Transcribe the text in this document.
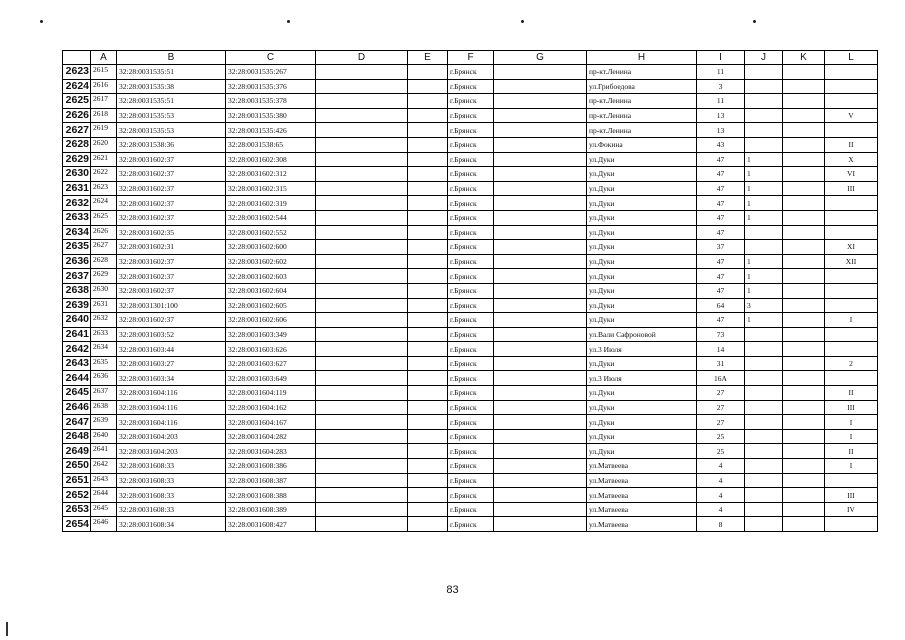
	A	B	C	D	E	F	G	H	I	J	K	L
2623	2615	32:28:0031535:51	32:28:0031535:267			г.Брянск		пр-кт.Ленина	11			
2624	2616	32:28:0031535:38	32:28:0031535:376			г.Брянск		ул.Грибоедова	3			
2625	2617	32:28:0031535:51	32:28:0031535:378			г.Брянск		пр-кт.Ленина	11			
2626	2618	32:28:0031535:53	32:28:0031535:380			г.Брянск		пр-кт.Ленина	13			V
2627	2619	32:28:0031535:53	32:28:0031535:426			г.Брянск		пр-кт.Ленина	13			
2628	2620	32:28:0031538:36	32:28:0031538:65			г.Брянск		ул.Фокина	43			II
2629	2621	32:28:0031602:37	32:28:0031602:308			г.Брянск		ул.Дуки	47	1		X
2630	2622	32:28:0031602:37	32:28:0031602:312			г.Брянск		ул.Дуки	47	1		VI
2631	2623	32:28:0031602:37	32:28:0031602:315			г.Брянск		ул.Дуки	47	1		III
2632	2624	32:28:0031602:37	32:28:0031602:319			г.Брянск		ул.Дуки	47	1		
2633	2625	32:28:0031602:37	32:28:0031602:544			г.Брянск		ул.Дуки	47	1		
2634	2626	32:28:0031602:35	32:28:0031602:552			г.Брянск		ул.Дуки	47			
2635	2627	32:28:0031602:31	32:28:0031602:600			г.Брянск		ул.Дуки	37			XI
2636	2628	32:28:0031602:37	32:28:0031602:602			г.Брянск		ул.Дуки	47	1		XII
2637	2629	32:28:0031602:37	32:28:0031602:603			г.Брянск		ул.Дуки	47	1		
2638	2630	32:28:0031602:37	32:28:0031602:604			г.Брянск		ул.Дуки	47	1		
2639	2631	32:28:0031301:100	32:28:0031602:605			г.Брянск		ул.Дуки	64	3		
2640	2632	32:28:0031602:37	32:28:0031602:606			г.Брянск		ул.Дуки	47	1		I
2641	2633	32:28:0031603:52	32:28:0031603:349			г.Брянск		ул.Вали Сафроновой	73			
2642	2634	32:28:0031603:44	32:28:0031603:626			г.Брянск		ул.3 Июля	14			
2643	2635	32:28:0031603:27	32:28:0031603:627			г.Брянск		ул.Дуки	31			2
2644	2636	32:28:0031603:34	32:28:0031603:649			г.Брянск		ул.3 Июля	16А			
2645	2637	32:28:0031604:116	32:28:0031604:119			г.Брянск		ул.Дуки	27			II
2646	2638	32:28:0031604:116	32:28:0031604:162			г.Брянск		ул.Дуки	27			III
2647	2639	32:28:0031604:116	32:28:0031604:167			г.Брянск		ул.Дуки	27			I
2648	2640	32:28:0031604:203	32:28:0031604:282			г.Брянск		ул.Дуки	25			I
2649	2641	32:28:0031604:203	32:28:0031604:283			г.Брянск		ул.Дуки	25			II
2650	2642	32:28:0031608:33	32:28:0031608:386			г.Брянск		ул.Матвеева	4			I
2651	2643	32:28:0031608:33	32:28:0031608:387			г.Брянск		ул.Матвеева	4			
2652	2644	32:28:0031608:33	32:28:0031608:388			г.Брянск		ул.Матвеева	4			III
2653	2645	32:28:0031608:33	32:28:0031608:389			г.Брянск		ул.Матвеева	4			IV
2654	2646	32:28:0031608:34	32:28:0031608:427			г.Брянск		ул.Матвеева	8			
83
